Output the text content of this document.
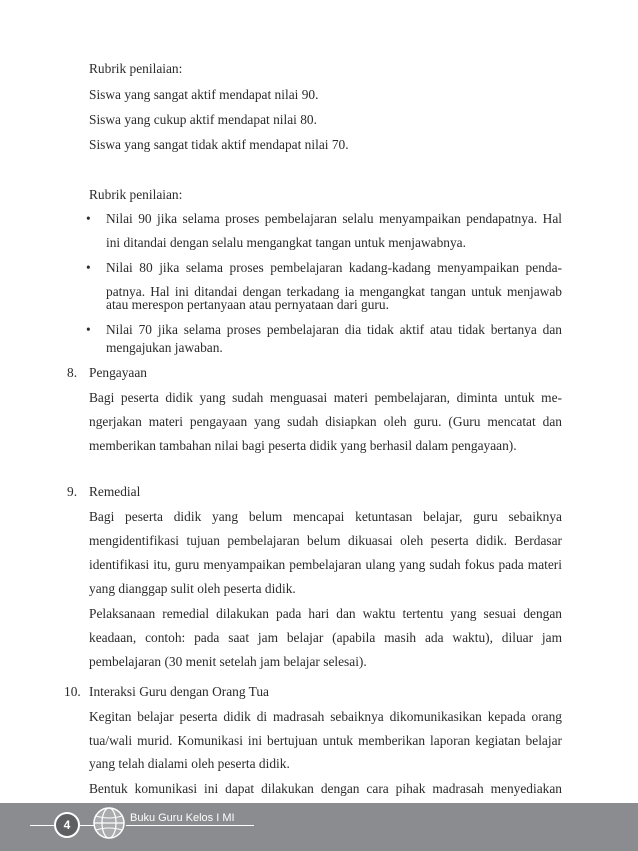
Rubrik penilaian:
Siswa yang sangat aktif mendapat nilai 90.
Siswa yang cukup aktif mendapat nilai 80.
Siswa yang sangat tidak aktif mendapat nilai 70.
Rubrik penilaian:
• Nilai 90 jika selama proses pembelajaran selalu menyampaikan pendapatnya. Hal
ini ditandai dengan selalu mengangkat tangan untuk menjawabnya.
• Nilai 80 jika selama proses pembelajaran kadang-kadang menyampaikan penda-
patnya. Hal ini ditandai dengan terkadang ia mengangkat tangan untuk menjawab
atau merespon pertanyaan atau pernyataan dari guru.
• Nilai 70 jika selama proses pembelajaran dia tidak aktif atau tidak bertanya dan
mengajukan jawaban.
8. Pengayaan
Bagi peserta didik yang sudah menguasai materi pembelajaran, diminta untuk me-
ngerjakan materi pengayaan yang sudah disiapkan oleh guru. (Guru mencatat dan
memberikan tambahan nilai bagi peserta didik yang berhasil dalam pengayaan).
9. Remedial
Bagi peserta didik yang belum mencapai ketuntasan belajar, guru sebaiknya
mengidentifikasi tujuan pembelajaran belum dikuasai oleh peserta didik. Berdasar
identifikasi itu, guru menyampaikan pembelajaran ulang yang sudah fokus pada materi
yang dianggap sulit oleh peserta didik.
Pelaksanaan remedial dilakukan pada hari dan waktu tertentu yang sesuai dengan
keadaan, contoh: pada saat jam belajar (apabila masih ada waktu), diluar jam
pembelajaran (30 menit setelah jam belajar selesai).
10. Interaksi Guru dengan Orang Tua
Kegitan belajar peserta didik di madrasah sebaiknya dikomunikasikan kepada orang
tua/wali murid. Komunikasi ini bertujuan untuk memberikan laporan kegiatan belajar
4	Buku Guru Kelos I MI
Bentuk komunikasi ini dapat dilakukan dengan cara pihak madrasah menyediakan
yang telah dialami oleh peserta didik.
